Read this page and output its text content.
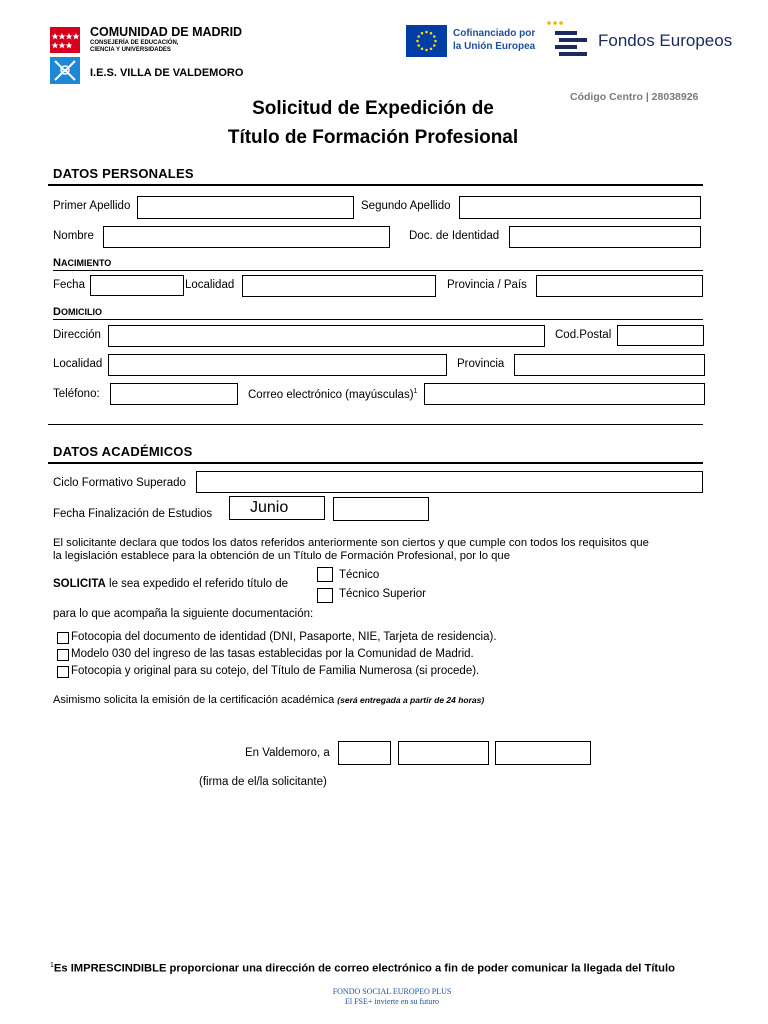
COMUNIDAD DE MADRID
CONSEJERÍA DE EDUCACIÓN,
CIENCIA Y UNIVERSIDADES
I.E.S. VILLA DE VALDEMORO
Cofinanciado por
la Unión Europea	Fondos Europeos
Código Centro | 28038926
Solicitud de Expedición de
Título de Formación Profesional
DATOS PERSONALES
Primer Apellido	Segundo Apellido
Nombre	Doc. de Identidad
NACIMIENTO
Fecha	Localidad	Provincia / País
DOMICILIO
Dirección	Cod.Postal
Localidad	Provincia
Teléfono:	Correo electrónico (mayúsculas)$^1$
DATOS ACADÉMICOS
Ciclo Formativo Superado
Fecha Finalización de Estudios Junio
El solicitante declara que todos los datos referidos anteriormente son ciertos y que cumple con todos los requisitos que
la legislación establece para la obtención de un Título de Formación Profesional, por lo que
SOLICITA le sea expedido el referido título de
Técnico
Técnico Superior
para lo que acompaña la siguiente documentación:
Fotocopia del documento de identidad (DNI, Pasaporte, NIE, Tarjeta de residencia).
Modelo 030 del ingreso de las tasas establecidas por la Comunidad de Madrid.
Fotocopia y original para su cotejo, del Título de Familia Numerosa (si procede).
Asimismo solicita la emisión de la certificación académica (será entregada a partir de 24 horas)
En Valdemoro, a
(firma de el/la solicitante)
$^1$Es IMPRESCINDIBLE proporcionar una dirección de correo electrónico a fin de poder comunicar la llegada del Título
FONDO SOCIAL EUROPEO PLUS
El FSE+ invierte en su futuro
